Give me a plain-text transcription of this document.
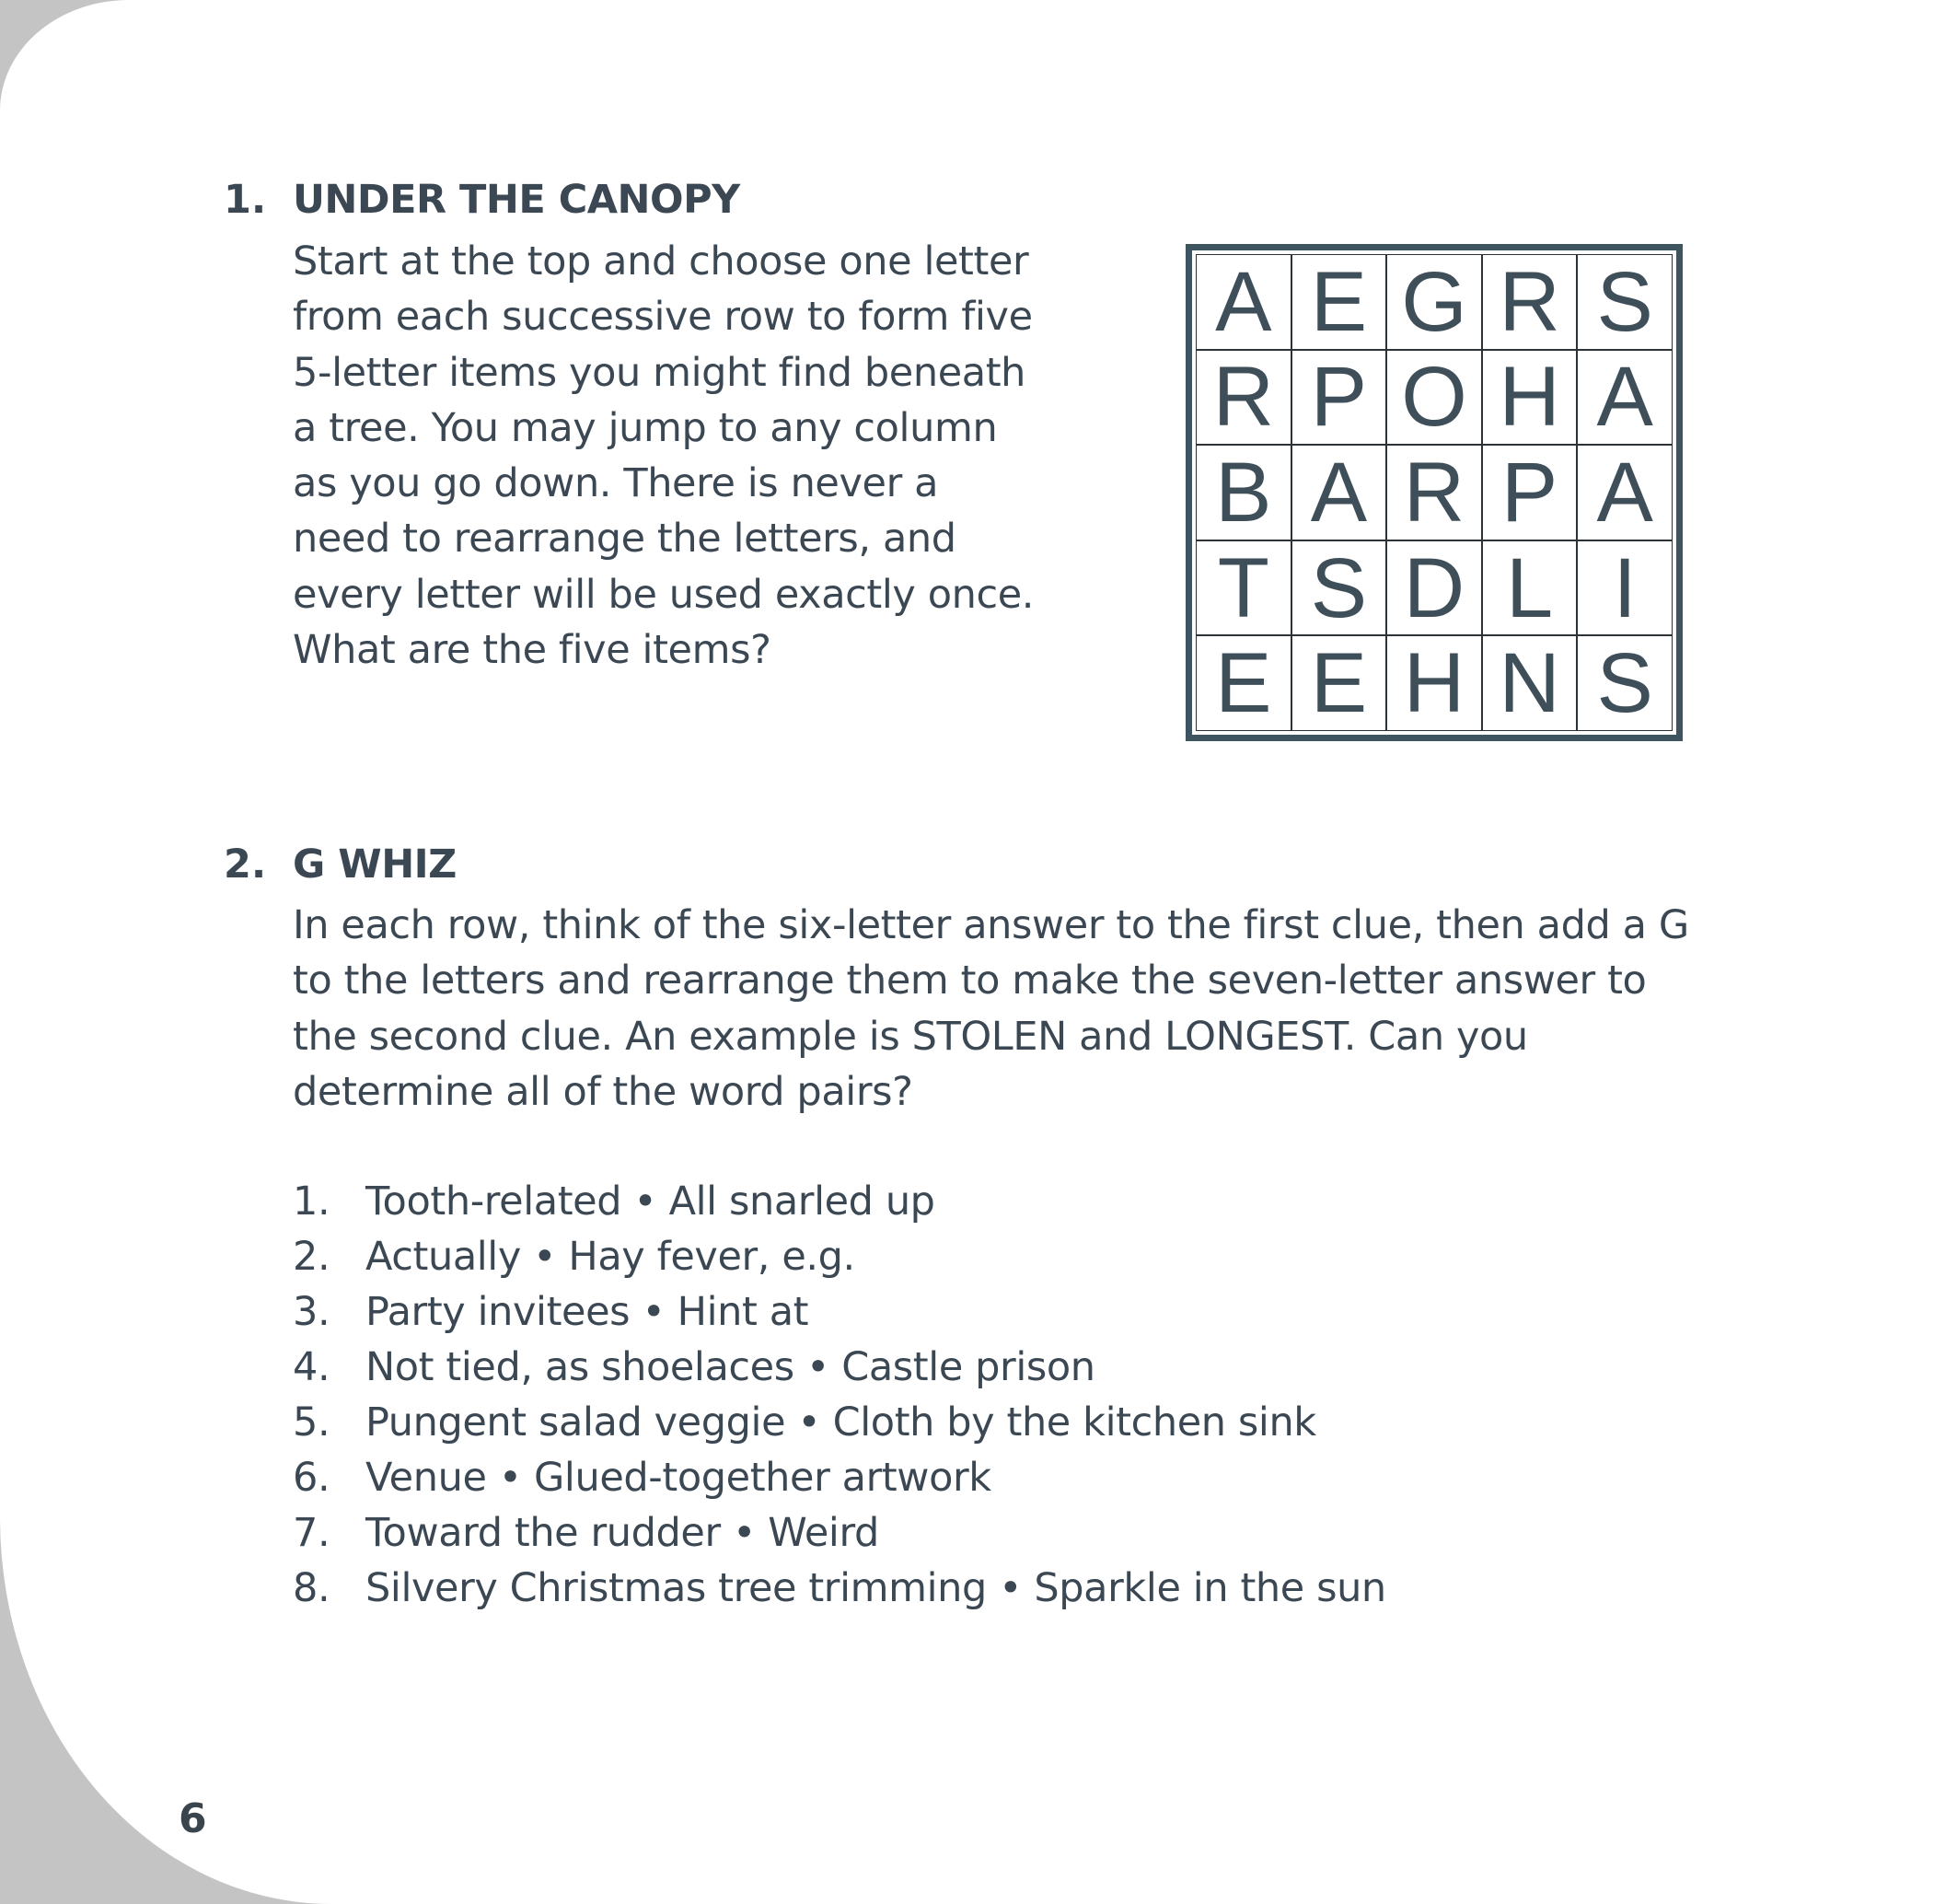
1. UNDER THE CANOPY

Start at the top and choose one letter from each successive row to form five 5-letter items you might find beneath a tree. You may jump to any column as you go down. There is never a need to rearrange the letters, and every letter will be used exactly once. What are the five items?

A E G R S
R P O H A
B A R P A
T S D L I
E E H N S
2. G WHIZ

In each row, think of the six-letter answer to the first clue, then add a G to the letters and rearrange them to make the seven-letter answer to the second clue. An example is STOLEN and LONGEST. Can you determine all of the word pairs?

1. Tooth-related • All snarled up
2. Actually • Hay fever, e.g.
3. Party invitees • Hint at
4. Not tied, as shoelaces • Castle prison
5. Pungent salad veggie • Cloth by the kitchen sink
6. Venue • Glued-together artwork
7. Toward the rudder • Weird
8. Silvery Christmas tree trimming • Sparkle in the sun
6
